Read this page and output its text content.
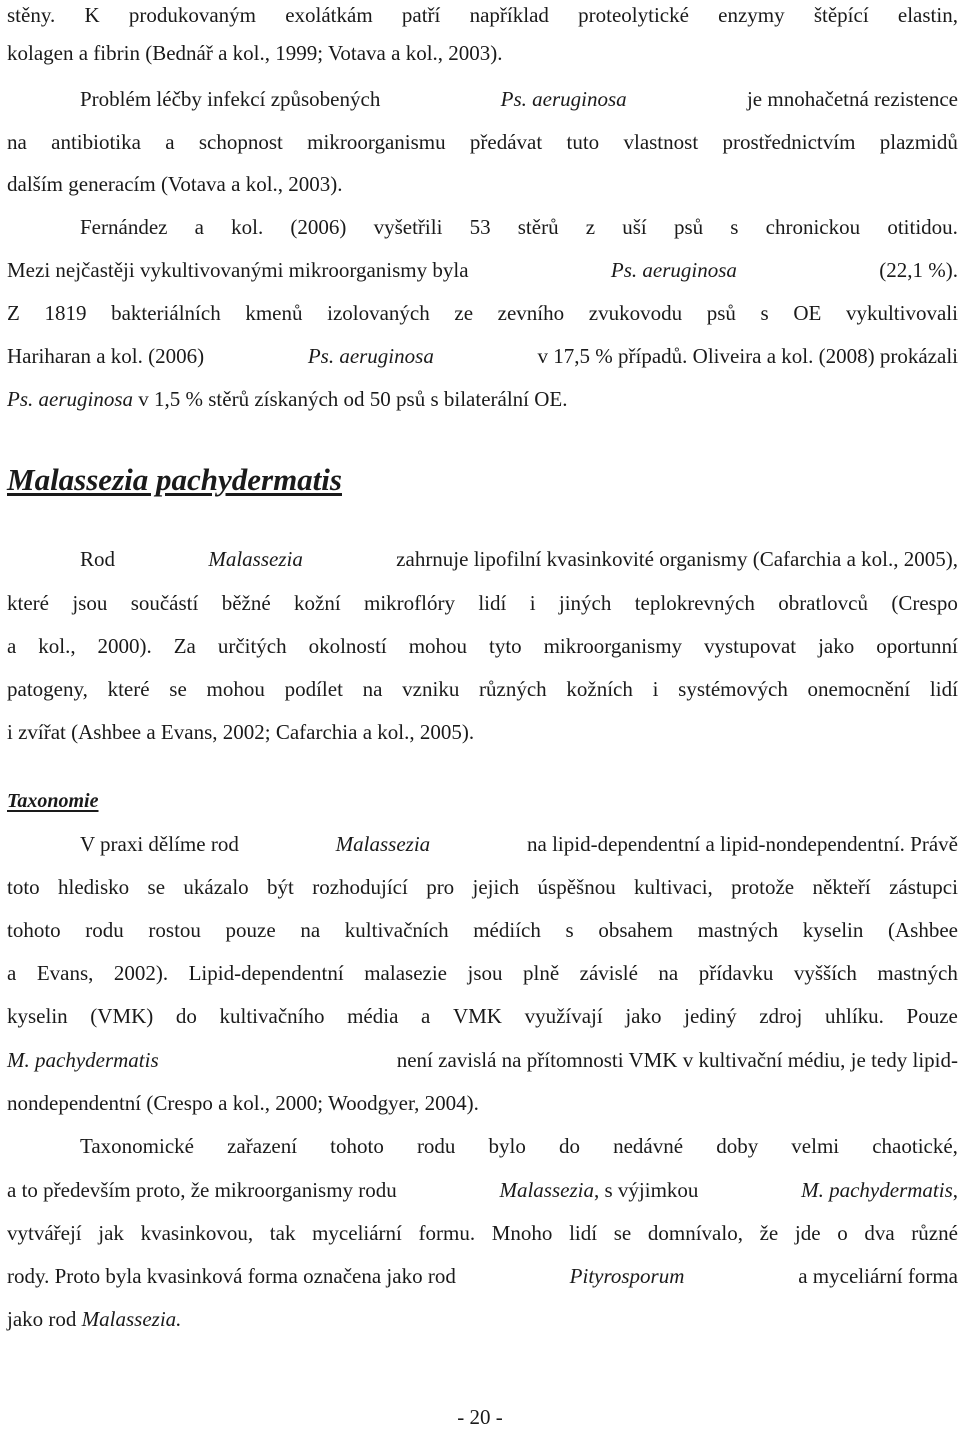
stěny. K produkovaným exolátkám patří například proteolytické enzymy štěpící elastin,
kolagen a fibrin (Bednář a kol., 1999; Votava a kol., 2003).
Problém léčby infekcí způsobených	Ps. aeruginosa	je mnohačetná rezistence
na antibiotika a schopnost mikroorganismu předávat tuto vlastnost prostřednictvím plazmidů
dalším generacím (Votava a kol., 2003).
Fernández a kol. (2006) vyšetřili 53 stěrů z uší psů s chronickou otitidou.
Mezi nejčastěji vykultivovanými mikroorganismy byla	Ps. aeruginosa	(22,1 %).
Z 1819 bakteriálních kmenů izolovaných ze zevního zvukovodu psů s OE vykultivovali
Hariharan a kol. (2006)	Ps. aeruginosa	v 17,5 % případů. Oliveira a kol. (2008) prokázali
Ps. aeruginosa v 1,5 % stěrů získaných od 50 psů s bilaterální OE.
Malassezia pachydermatis
Rod	Malassezia	zahrnuje lipofilní kvasinkovité organismy (Cafarchia a kol., 2005),
které jsou součástí běžné kožní mikroflóry lidí i jiných teplokrevných obratlovců (Crespo
a kol., 2000). Za určitých okolností mohou tyto mikroorganismy vystupovat jako oportunní
patogeny, které se mohou podílet na vzniku různých kožních i systémových onemocnění lidí
i zvířat (Ashbee a Evans, 2002; Cafarchia a kol., 2005).
Taxonomie
V praxi dělíme rod	Malassezia	na lipid-dependentní a lipid-nondependentní. Právě
toto hledisko se ukázalo být rozhodující pro jejich úspěšnou kultivaci, protože někteří zástupci
tohoto rodu rostou pouze na kultivačních médiích s obsahem mastných kyselin (Ashbee
a Evans, 2002). Lipid-dependentní malasezie jsou plně závislé na přídavku vyšších mastných
kyselin (VMK) do kultivačního média a VMK využívají jako jediný zdroj uhlíku. Pouze
M. pachydermatis	není zavislá na přítomnosti VMK v kultivační médiu, je tedy lipid-
nondependentní (Crespo a kol., 2000; Woodgyer, 2004).
Taxonomické zařazení tohoto rodu bylo do nedávné doby velmi chaotické,
a to především proto, že mikroorganismy rodu	Malassezia, s výjimkou	M. pachydermatis,
vytvářejí jak kvasinkovou, tak myceliární formu. Mnoho lidí se domnívalo, že jde o dva různé
rody. Proto byla kvasinková forma označena jako rod	Pityrosporum	a myceliární forma
jako rod Malassezia.
- 20 -
